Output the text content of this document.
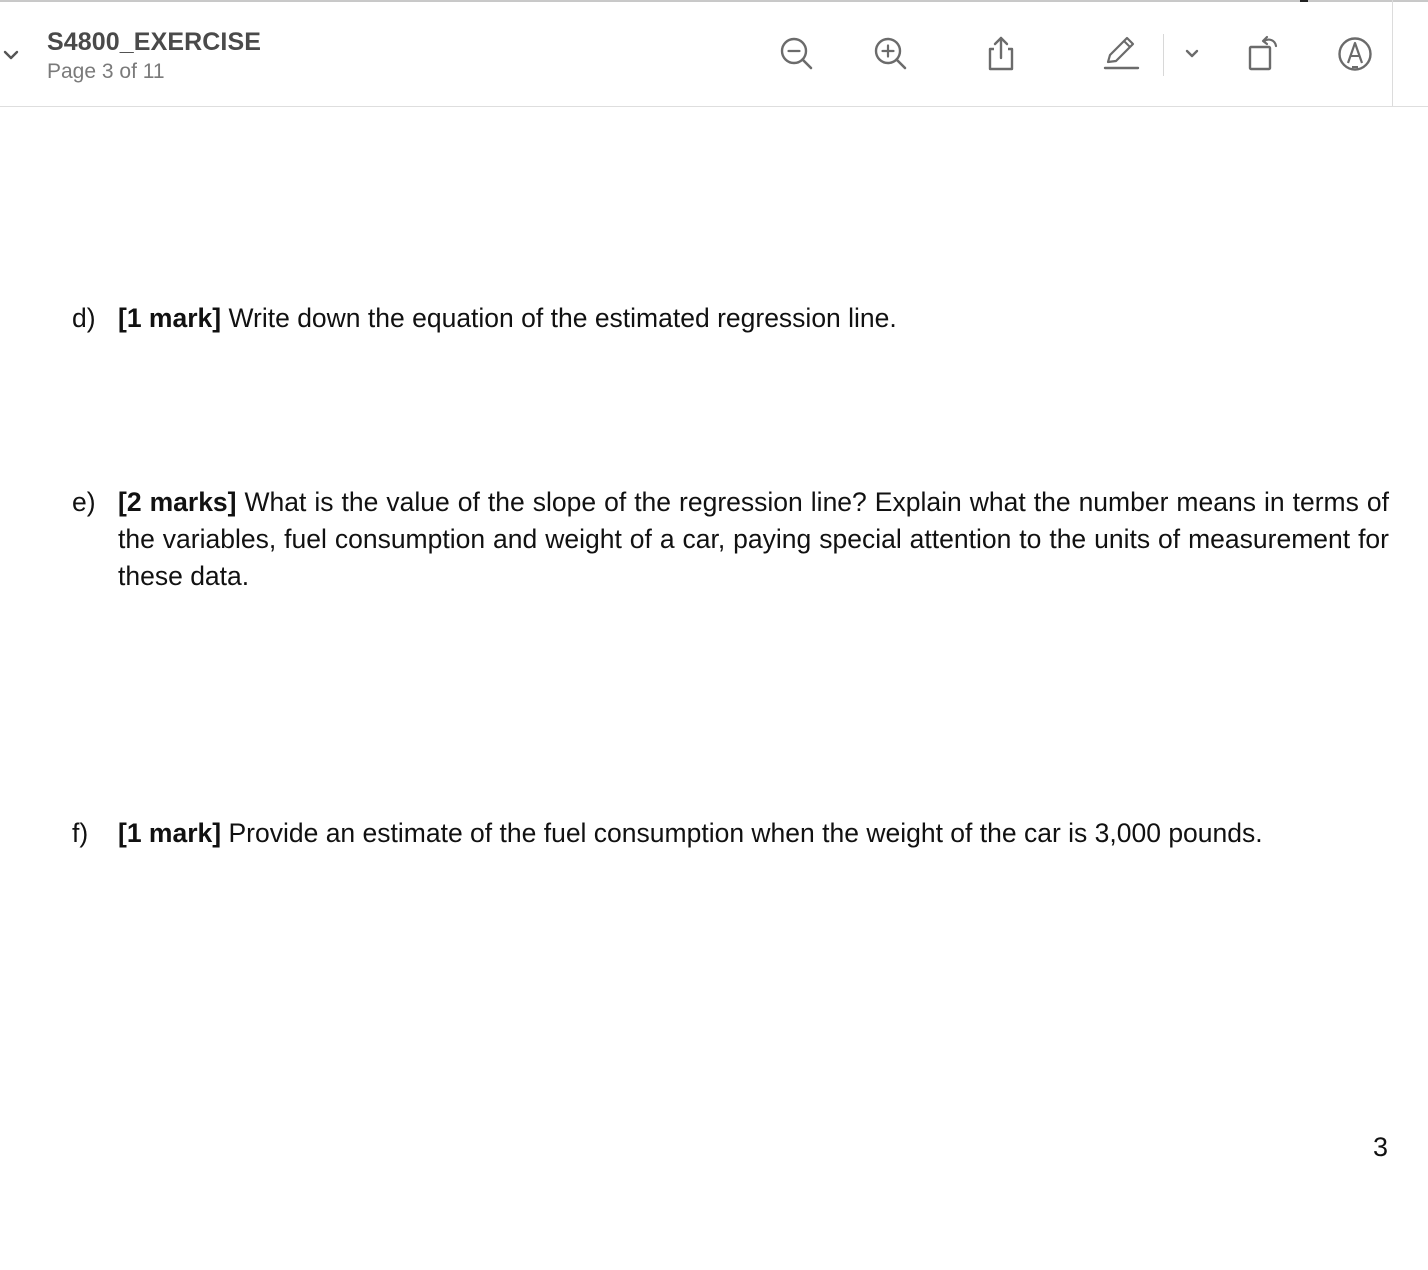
S4800_EXERCISE
Page 3 of 11
d) [1 mark] Write down the equation of the estimated regression line.
e) [2 marks] What is the value of the slope of the regression line? Explain what the number means in terms of the variables, fuel consumption and weight of a car, paying special attention to the units of measurement for these data.
f) [1 mark] Provide an estimate of the fuel consumption when the weight of the car is 3,000 pounds.
3
